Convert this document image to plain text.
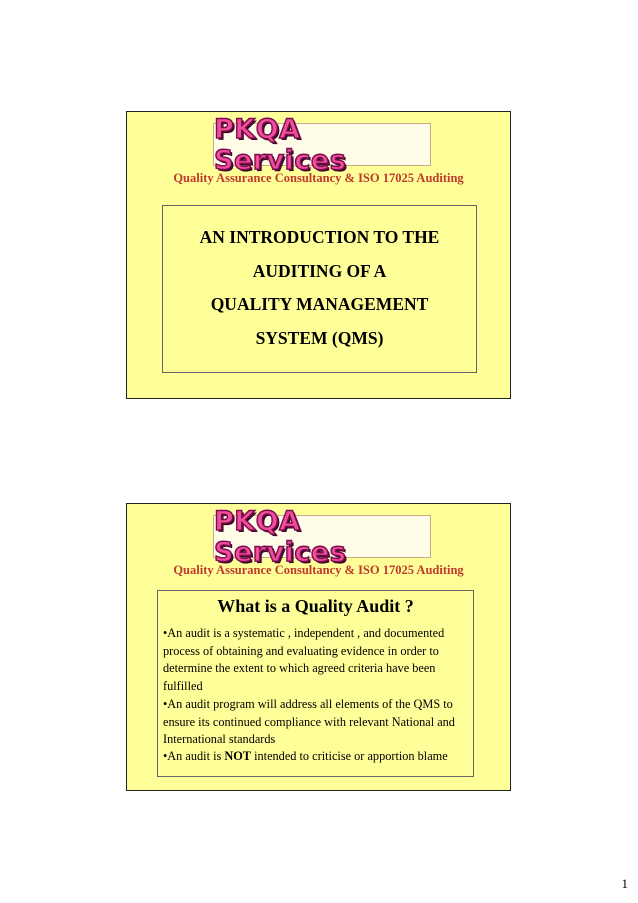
PKQA Services
Quality Assurance Consultancy & ISO 17025 Auditing
AN INTRODUCTION TO THE
AUDITING OF A
QUALITY MANAGEMENT
SYSTEM (QMS)
PKQA Services
Quality Assurance Consultancy & ISO 17025 Auditing
What is a Quality Audit ?
•An audit is a systematic , independent , and documented process of obtaining and evaluating evidence in order to determine the extent to which agreed criteria have been fulfilled
•An audit program will address all elements of the QMS to ensure its continued compliance with relevant National and International standards
•An audit is NOT intended to criticise or apportion blame
1
